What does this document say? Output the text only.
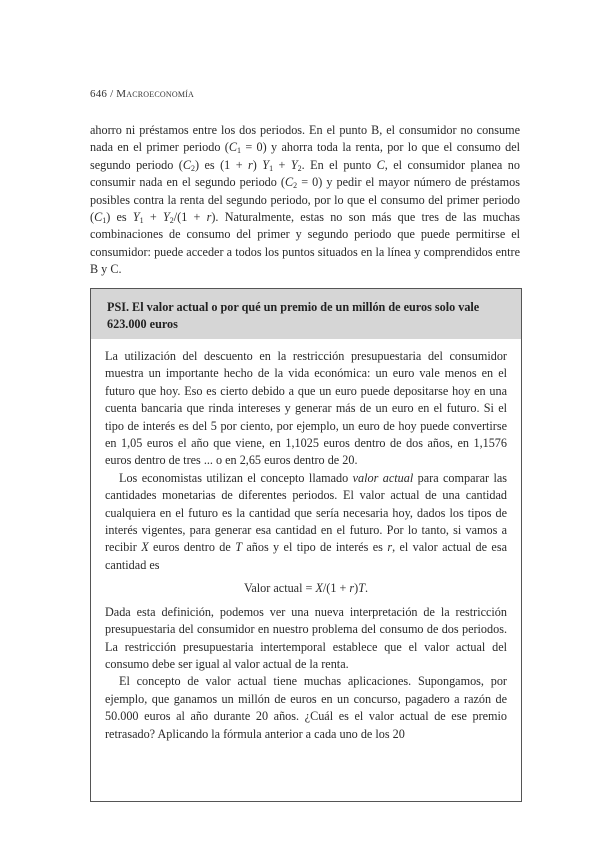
646 / Macroeconomía

ahorro ni préstamos entre los dos periodos. En el punto B, el consumidor no consume nada en el primer periodo $(C_1 = 0)$ y ahorra toda la renta, por lo que el consumo del segundo periodo $(C_2)$ es (1 + r) $Y_1 + Y_2$. En el punto C, el consumidor planea no consumir nada en el segundo periodo $(C_2 = 0)$ y pedir el mayor número de préstamos posibles contra la renta del segundo periodo, por lo que el consumo del primer periodo $(C_1)$ es $Y_1 + Y_2/(1 + r)$. Naturalmente, estas no son más que tres de las muchas combinaciones de consumo del primer y segundo periodo que puede permitirse el consumidor: puede acceder a todos los puntos situados en la línea y comprendidos entre B y C.

PSI. El valor actual o por qué un premio de un millón de euros solo vale 623.000 euros

La utilización del descuento en la restricción presupuestaria del consumidor muestra un importante hecho de la vida económica: un euro vale menos en el futuro que hoy. Eso es cierto debido a que un euro puede depositarse hoy en una cuenta bancaria que rinda intereses y generar más de un euro en el futuro. Si el tipo de interés es del 5 por ciento, por ejemplo, un euro de hoy puede convertirse en 1,05 euros el año que viene, en 1,1025 euros dentro de dos años, en 1,1576 euros dentro de tres ... o en 2,65 euros dentro de 20.

Los economistas utilizan el concepto llamado valor actual para comparar las cantidades monetarias de diferentes periodos. El valor actual de una cantidad cualquiera en el futuro es la cantidad que sería necesaria hoy, dados los tipos de interés vigentes, para generar esa cantidad en el futuro. Por lo tanto, si vamos a recibir X euros dentro de T años y el tipo de interés es r, el valor actual de esa cantidad es

Valor actual = X/(1 + r)T.

Dada esta definición, podemos ver una nueva interpretación de la restricción presupuestaria del consumidor en nuestro problema del consumo de dos periodos. La restricción presupuestaria intertemporal establece que el valor actual del consumo debe ser igual al valor actual de la renta.

El concepto de valor actual tiene muchas aplicaciones. Supongamos, por ejemplo, que ganamos un millón de euros en un concurso, pagadero a razón de 50.000 euros al año durante 20 años. ¿Cuál es el valor actual de ese premio retrasado? Aplicando la fórmula anterior a cada uno de los 20
